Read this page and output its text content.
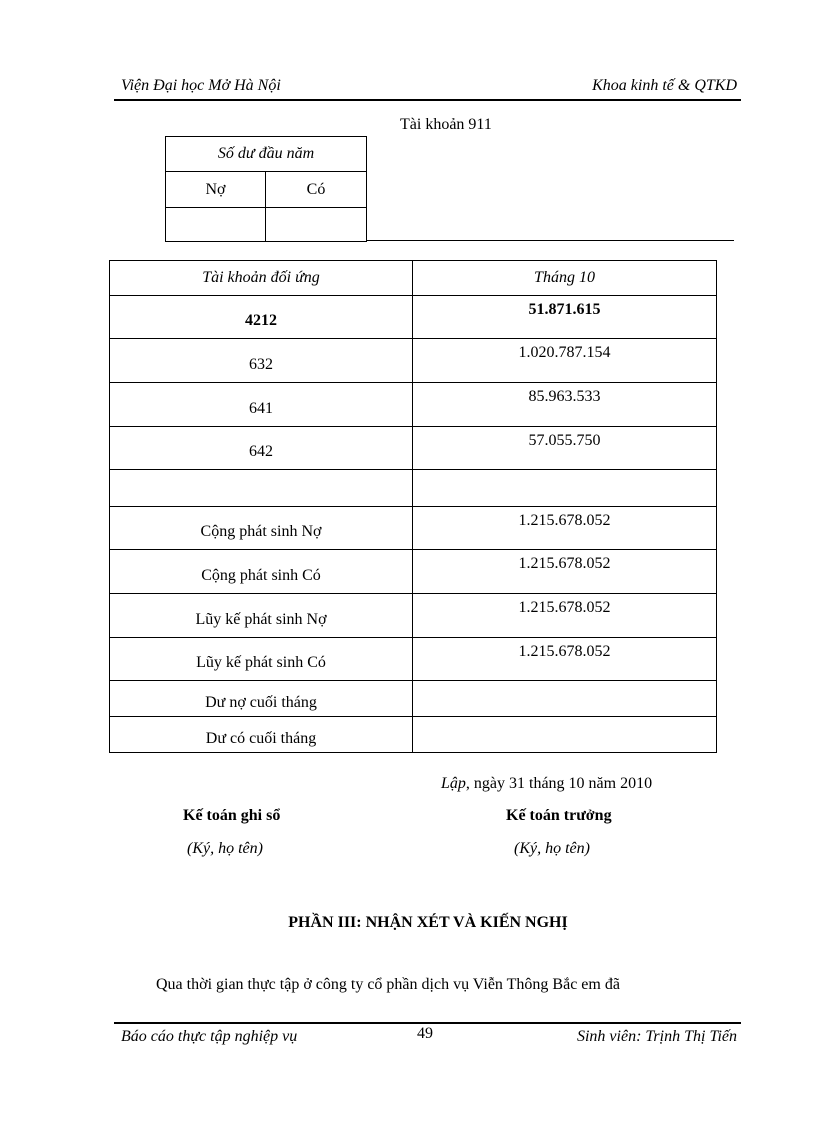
Viện Đại học Mở Hà Nội	Khoa kinh tế & QTKD
Tài khoản 911
Số dư đầu năm	
Nợ	Có

Tài khoản đối ứng	Tháng 10
4212	51.871.615
632	1.020.787.154
641	85.963.533
642	57.055.750

Cộng phát sinh Nợ	1.215.678.052
Cộng phát sinh Có	1.215.678.052
Lũy kế phát sinh Nợ	1.215.678.052
Lũy kế phát sinh Có	1.215.678.052
Dư nợ cuối tháng	
Dư có cuối tháng	
Lập, ngày 31 tháng 10 năm 2010
Kế toán ghi sổ	Kế toán trưởng
(Ký, họ tên)	(Ký, họ tên)
PHẦN III: NHẬN XÉT VÀ KIẾN NGHỊ
Qua thời gian thực tập ở công ty cổ phần dịch vụ Viễn Thông Bắc em đã
Báo cáo thực tập nghiệp vụ	49	Sinh viên: Trịnh Thị Tiến
